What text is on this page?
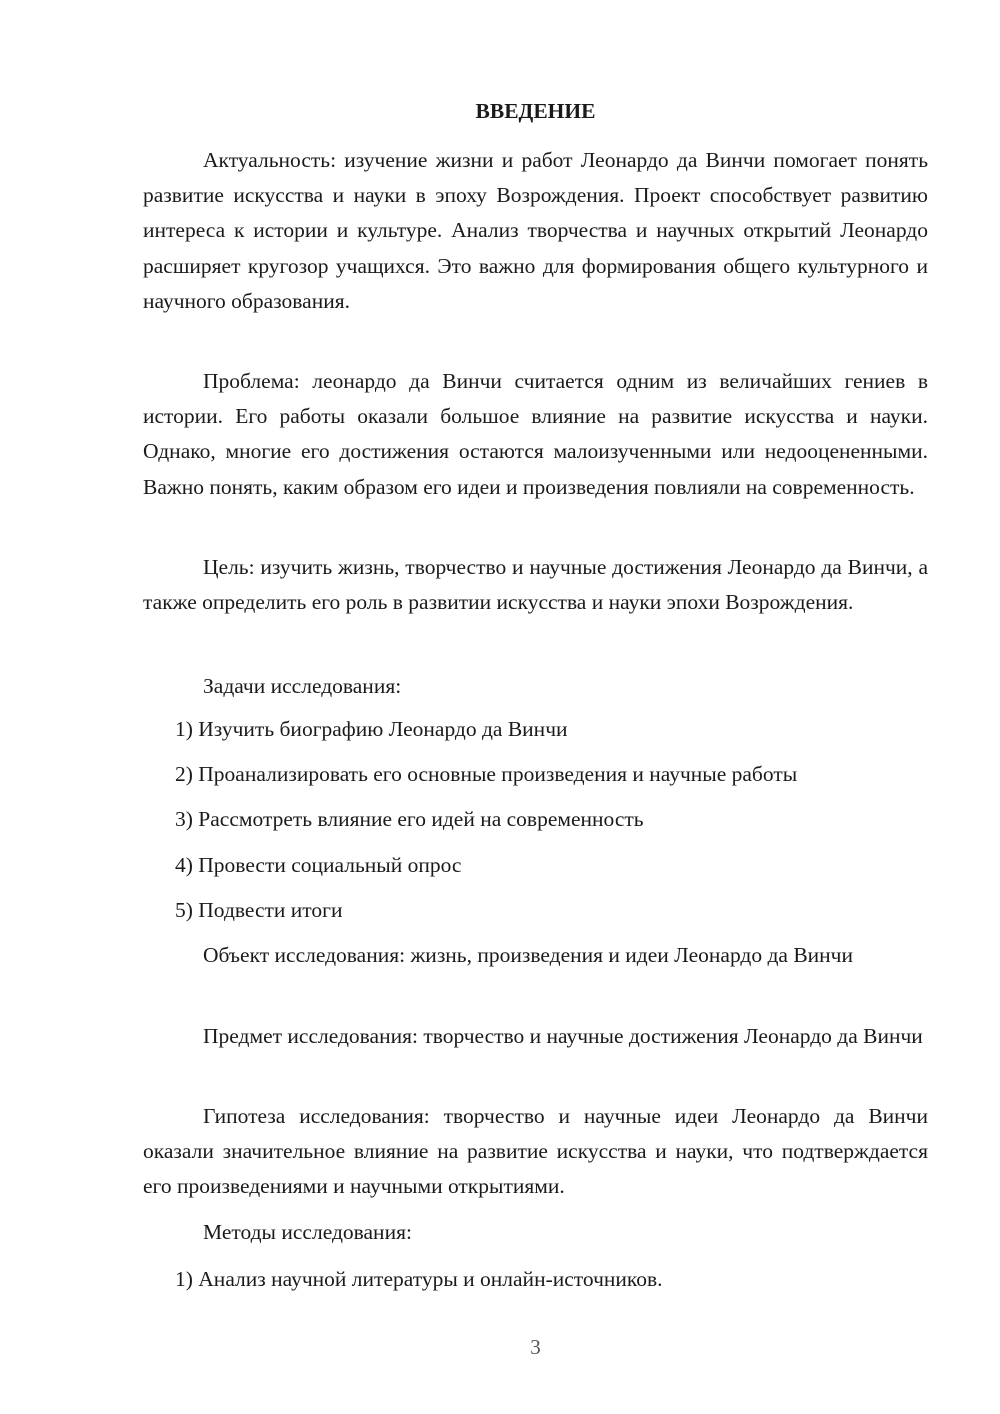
ВВЕДЕНИЕ

Актуальность: изучение жизни и работ Леонардо да Винчи помогает понять развитие искусства и науки в эпоху Возрождения. Проект способствует развитию интереса к истории и культуре. Анализ творчества и научных открытий Леонардо расширяет кругозор учащихся. Это важно для формирования общего культурного и научного образования.

Проблема: леонардо да Винчи считается одним из величайших гениев в истории. Его работы оказали большое влияние на развитие искусства и науки. Однако, многие его достижения остаются малоизученными или недооцененными. Важно понять, каким образом его идеи и произведения повлияли на современность.

Цель: изучить жизнь, творчество и научные достижения Леонардо да Винчи, а также определить его роль в развитии искусства и науки эпохи Возрождения.

Задачи исследования:

1) Изучить биографию Леонардо да Винчи

2) Проанализировать его основные произведения и научные работы

3) Рассмотреть влияние его идей на современность

4) Провести социальный опрос

5) Подвести итоги

Объект исследования: жизнь, произведения и идеи Леонардо да Винчи

Предмет исследования: творчество и научные достижения Леонардо да Винчи

Гипотеза исследования: творчество и научные идеи Леонардо да Винчи оказали значительное влияние на развитие искусства и науки, что подтверждается его произведениями и научными открытиями.

Методы исследования:

1) Анализ научной литературы и онлайн-источников.

3
